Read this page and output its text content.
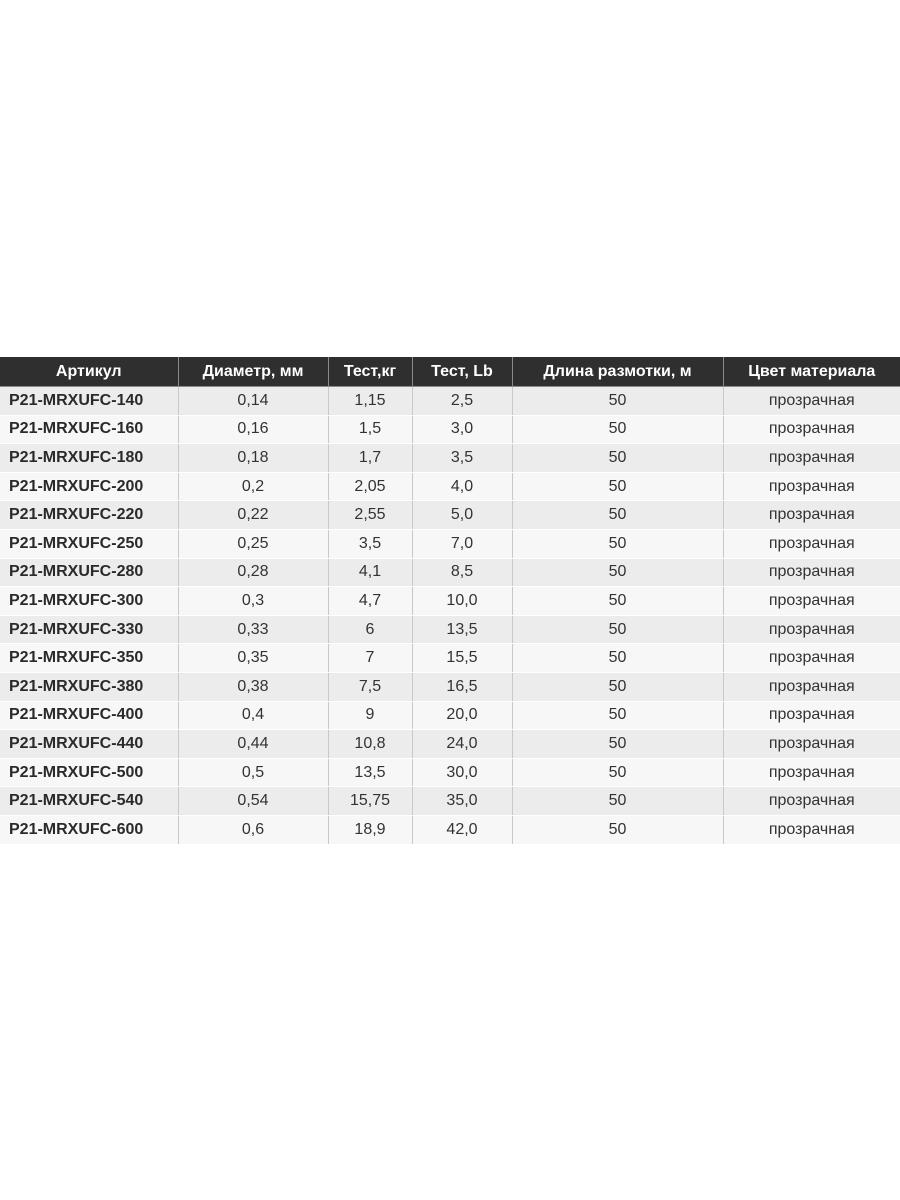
Артикул	Диаметр, мм	Тест,кг	Тест, Lb	Длина размотки, м	Цвет материала
P21-MRXUFC-140	0,14	1,15	2,5	50	прозрачная
P21-MRXUFC-160	0,16	1,5	3,0	50	прозрачная
P21-MRXUFC-180	0,18	1,7	3,5	50	прозрачная
P21-MRXUFC-200	0,2	2,05	4,0	50	прозрачная
P21-MRXUFC-220	0,22	2,55	5,0	50	прозрачная
P21-MRXUFC-250	0,25	3,5	7,0	50	прозрачная
P21-MRXUFC-280	0,28	4,1	8,5	50	прозрачная
P21-MRXUFC-300	0,3	4,7	10,0	50	прозрачная
P21-MRXUFC-330	0,33	6	13,5	50	прозрачная
P21-MRXUFC-350	0,35	7	15,5	50	прозрачная
P21-MRXUFC-380	0,38	7,5	16,5	50	прозрачная
P21-MRXUFC-400	0,4	9	20,0	50	прозрачная
P21-MRXUFC-440	0,44	10,8	24,0	50	прозрачная
P21-MRXUFC-500	0,5	13,5	30,0	50	прозрачная
P21-MRXUFC-540	0,54	15,75	35,0	50	прозрачная
P21-MRXUFC-600	0,6	18,9	42,0	50	прозрачная
